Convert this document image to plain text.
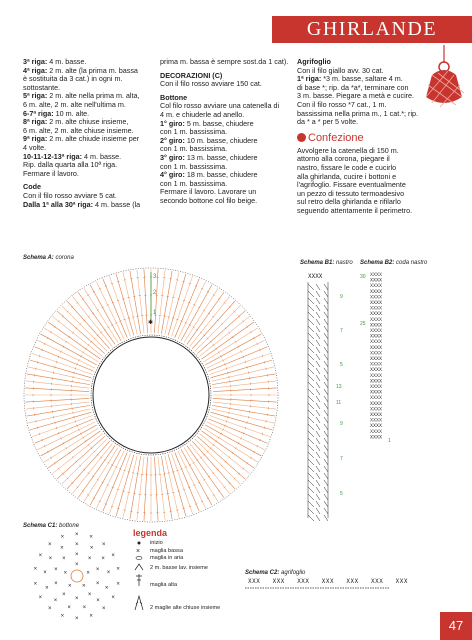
GHIRLANDE

3ª riga: 4 m. basse.
4ª riga: 2 m. alte (la prima m. bassa
è sostituita da 3 cat.) in ogni m.
sottostante.
5ª riga: 2 m. alte nella prima m. alta,
6 m. alte, 2 m. alte nell'ultima m.
6-7ª riga: 10 m. alte.
8ª riga: 2 m. alte chiuse insieme,
6 m. alte, 2 m. alte chiuse insieme.
9ª riga: 2 m. alte chiude insieme per
4 volte.
10-11-12-13ª riga: 4 m. basse.
Rip. dalla quarta alla 10ª riga.
Fermare il lavoro.

Code

Con il filo rosso avviare 5 cat.
Dalla 1ª alla 30ª riga: 4 m. basse (la

prima m. bassa è sempre sost.da 1 cat).

DECORAZIONI (C)

Con il filo rosso avviare 150 cat.

Bottone

Col filo rosso avviare una catenella di
4 m. e chiuderle ad anello.
1° giro: 5 m. basse, chiudere
con 1 m. bassissima.
2° giro: 10 m. basse, chiudere
con 1 m. bassissima.
3° giro: 13 m. basse, chiudere
con 1 m. bassissima.
4° giro: 18 m. basse, chiudere
con 1 m. bassissima.
Fermare il lavoro. Lavorare un
secondo bottone col filo beige.

Agrifoglio

Con il filo giallo avv. 30 cat.
1ª riga: *3 m. basse, saltare 4 m.
di base *; rip. da *a*, terminare con
3 m. basse. Piegare a metà e cucire.
Con il filo rosso *7 cat., 1 m.
bassissima nella prima m., 1 cat.*; rip.
da * a * per 5 volte.

Confezione

Avvolgere la catenella di 150 m.
attorno alla corona, piegare il
nastro, fissare le code e cucirlo
alla ghirlanda, cucire i bottoni e
l'agrifoglio. Fissare eventualmente
un pezzo di tessuto termoadesivo
sul retro della ghirlanda e rifilarlo
seguendo attentamente il perimetro.

Schema A: corona
Schema B1: nastro Schema B2: coda nastro
Schema C1: bottone
Schema C2: agrifoglio
3
2
1
✱
XXXX
9
7
5
13
11
9
7
5
XXXX
XXXX
XXXX
XXXX
XXXX
XXXX
XXXX
XXXX
XXXX
XXXX
XXXX
XXXX
XXXX
XXXX
XXXX
XXXX
XXXX
XXXX
XXXX
XXXX
XXXX
XXXX
XXXX
XXXX
XXXX
XXXX
XXXX
XXXX
XXXX
XXXX
30
25
1
×
×
×
×
×
×
×
×
×
×
×
×
×
×
×
×
×
×
×
×
×
×
×
×
×
×
×
×
× ×
×
×
×
×
×
×
×
×
×
×
×
×
×
×
×
×	legenda
×
inizio
maglia bassa
maglia in aria
2 m. basse lav. insieme
maglia alta
2 maglie alte chiuse insieme
XXX   XXX   XXX   XXX   XXX   XXX   XXX
47
